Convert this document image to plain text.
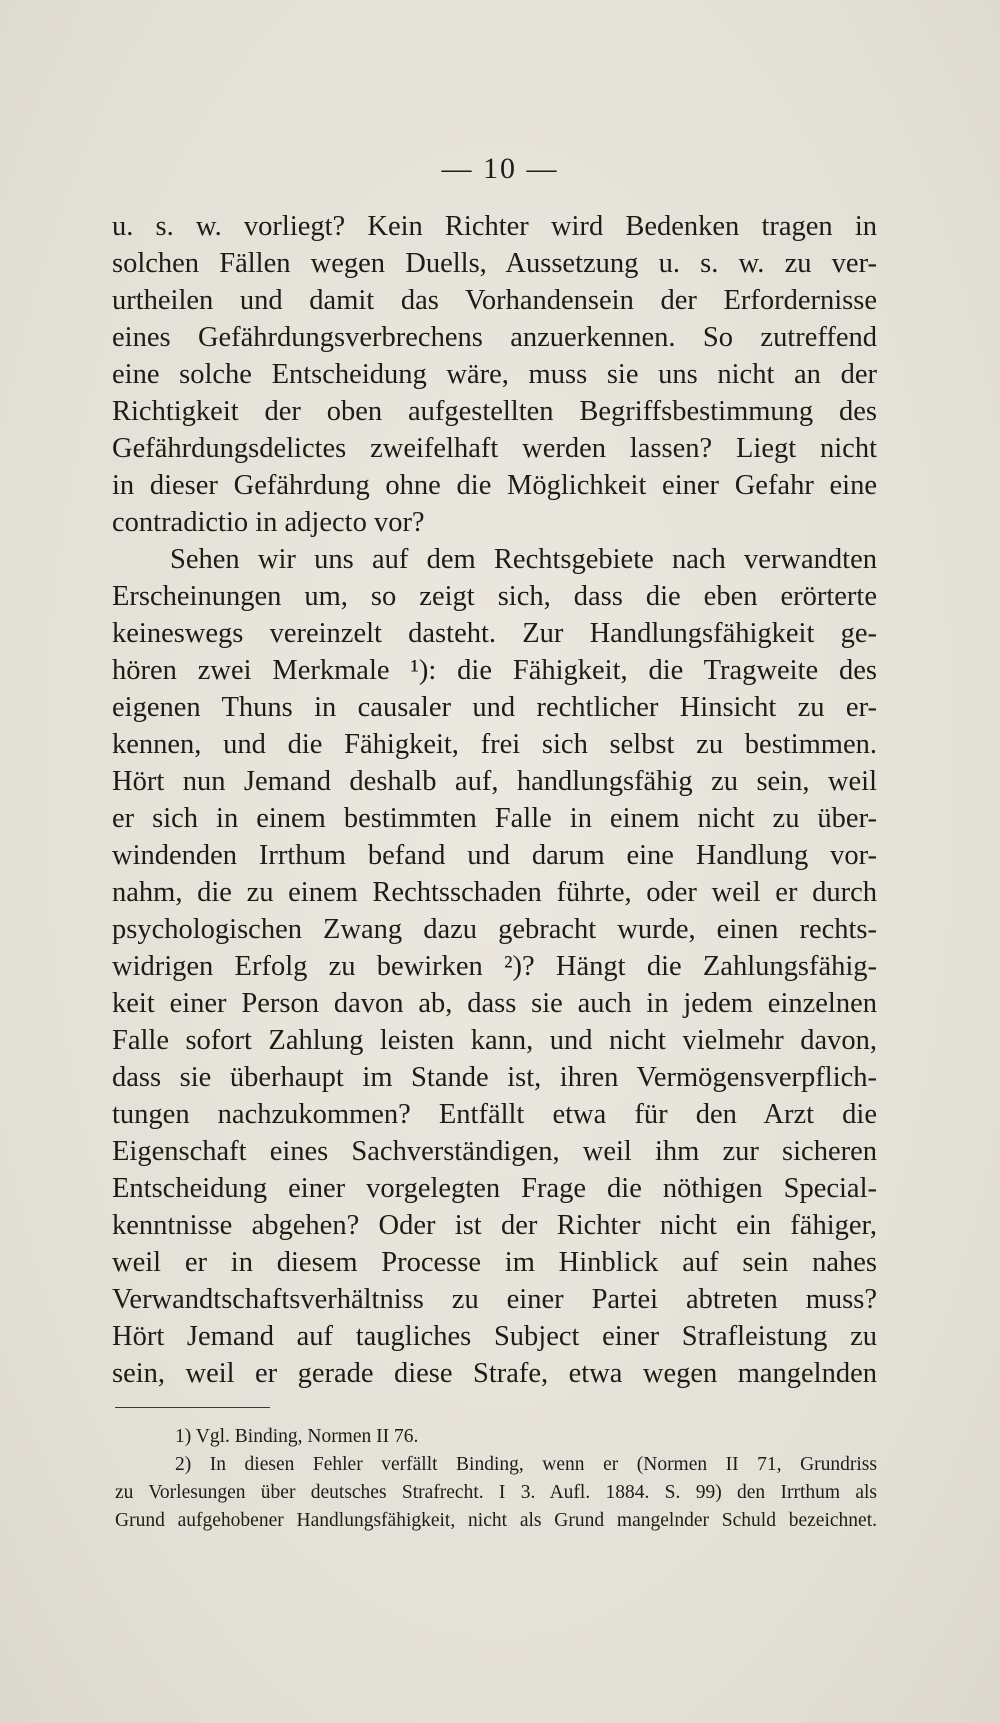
— 10 —
u. s. w. vorliegt? Kein Richter wird Bedenken tragen in
solchen Fällen wegen Duells, Aussetzung u. s. w. zu ver-
urtheilen und damit das Vorhandensein der Erfordernisse
eines Gefährdungsverbrechens anzuerkennen. So zutreffend
eine solche Entscheidung wäre, muss sie uns nicht an der
Richtigkeit der oben aufgestellten Begriffsbestimmung des
Gefährdungsdelictes zweifelhaft werden lassen? Liegt nicht
in dieser Gefährdung ohne die Möglichkeit einer Gefahr eine
contradictio in adjecto vor?
Sehen wir uns auf dem Rechtsgebiete nach verwandten
Erscheinungen um, so zeigt sich, dass die eben erörterte
keineswegs vereinzelt dasteht. Zur Handlungsfähigkeit ge-
hören zwei Merkmale ¹): die Fähigkeit, die Tragweite des
eigenen Thuns in causaler und rechtlicher Hinsicht zu er-
kennen, und die Fähigkeit, frei sich selbst zu bestimmen.
Hört nun Jemand deshalb auf, handlungsfähig zu sein, weil
er sich in einem bestimmten Falle in einem nicht zu über-
windenden Irrthum befand und darum eine Handlung vor-
nahm, die zu einem Rechtsschaden führte, oder weil er durch
psychologischen Zwang dazu gebracht wurde, einen rechts-
widrigen Erfolg zu bewirken ²)? Hängt die Zahlungsfähig-
keit einer Person davon ab, dass sie auch in jedem einzelnen
Falle sofort Zahlung leisten kann, und nicht vielmehr davon,
dass sie überhaupt im Stande ist, ihren Vermögensverpflich-
tungen nachzukommen? Entfällt etwa für den Arzt die
Eigenschaft eines Sachverständigen, weil ihm zur sicheren
Entscheidung einer vorgelegten Frage die nöthigen Special-
kenntnisse abgehen? Oder ist der Richter nicht ein fähiger,
weil er in diesem Processe im Hinblick auf sein nahes
Verwandtschaftsverhältniss zu einer Partei abtreten muss?
Hört Jemand auf taugliches Subject einer Strafleistung zu
sein, weil er gerade diese Strafe, etwa wegen mangelnden
1) Vgl. Binding, Normen II 76.
2) In diesen Fehler verfällt Binding, wenn er (Normen II 71, Grundriss
zu Vorlesungen über deutsches Strafrecht. I 3. Aufl. 1884. S. 99) den Irrthum als
Grund aufgehobener Handlungsfähigkeit, nicht als Grund mangelnder Schuld bezeichnet.
